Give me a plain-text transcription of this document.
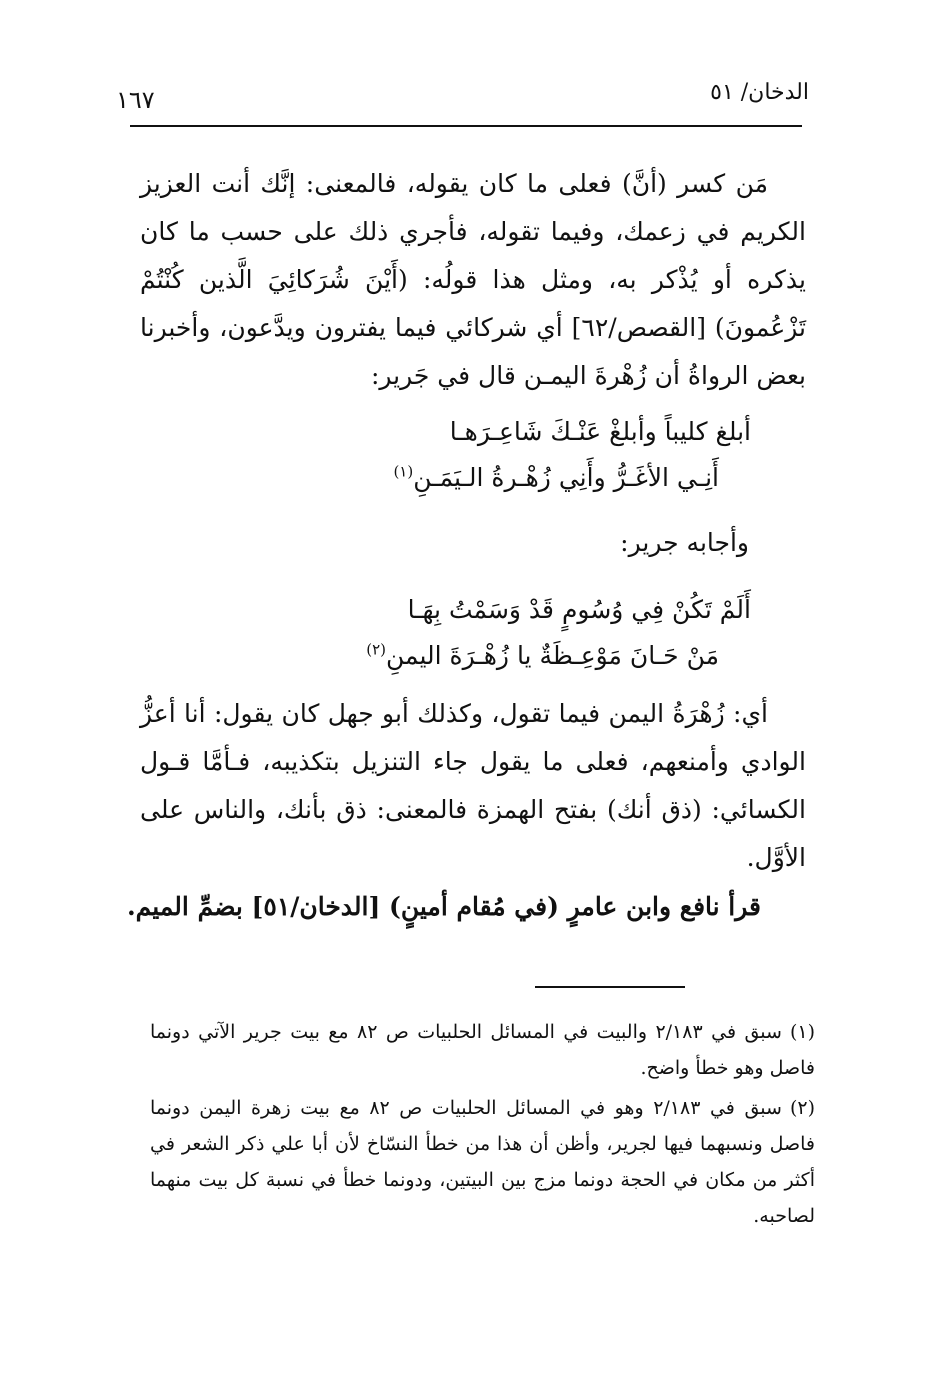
الدخان/ ٥١
١٦٧

مَن كسر (أنَّ) فعلى ما كان يقوله، فالمعنى: إنَّك أنت العزيز الكريم في زعمك، وفيما تقوله، فأجري ذلك على حسب ما كان يذكره أو يُذْكر به، ومثل هذا قولُه: (أَيْنَ شُرَكائِيَ الَّذين كُنْتُمْ تَزْعُمونَ) [القصص/٦٢] أي شركائي فيما يفترون ويدَّعون، وأخبرنا بعض الرواةُ أن زُهْرةَ اليمـن قال في جَرير:

أبلغ كليباً وأبلغْ عَنْـكَ شَاعِـرَهـا
أَنِـي الأغَـرُّ وأَنِي زُهْـرةُ الـيَمَـنِ$^{(١)}$
وأجابه جرير:
أَلَمْ تَكُنْ فِي وُسُومٍ قَدْ وَسَمْتُ بِهَـا
مَنْ حَـانَ مَوْعِـظَةٌ يا زُهْـرَةَ اليمنِ$^{(٢)}$

أي: زُهْرَةُ اليمن فيما تقول، وكذلك أبو جهل كان يقول: أنا أعزُّ الوادي وأمنعهم، فعلى ما يقول جاء التنزيل بتكذيبه، فـأمَّا قـول الكسائي: (ذق أنك) بفتح الهمزة فالمعنى: ذق بأنك، والناس على الأوَّل.

قرأ نافع وابن عامرٍ (في مُقام أمينٍ) [الدخان/٥١] بضمِّ الميم.

(١)سبق في ٢/١٨٣ والبيت في المسائل الحلبيات ص ٨٢ مع بيت جرير الآتي دونما فاصل وهو خطأ واضح.

(٢)سبق في ٢/١٨٣ وهو في المسائل الحلبيات ص ٨٢ مع بيت زهرة اليمن دونما فاصل ونسبهما فيها لجرير، وأظن أن هذا من خطأ النسّاخ لأن أبا علي ذكر الشعر في أكثر من مكان في الحجة دونما مزج بين البيتين، ودونما خطأ في نسبة كل بيت منهما لصاحبه.
